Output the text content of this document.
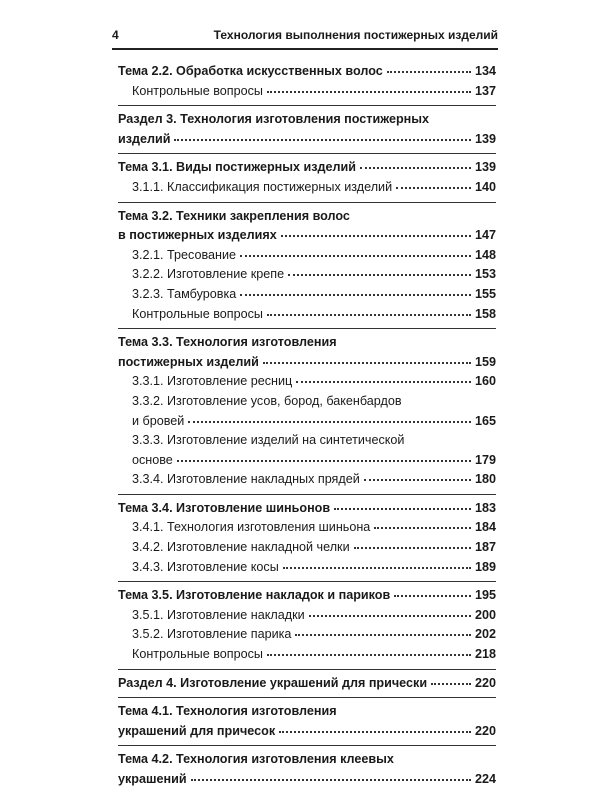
4	Технология выполнения постижерных изделий
Тема 2.2. Обработка искусственных волос	134
Контрольные вопросы	137
Раздел 3. Технология изготовления постижерных
изделий	139
Тема 3.1. Виды постижерных изделий	139
3.1.1. Классификация постижерных изделий	140
Тема 3.2. Техники закрепления волос
в постижерных изделиях	147
3.2.1. Тресование	148
3.2.2. Изготовление крепе	153
3.2.3. Тамбуровка	155
Контрольные вопросы	158
Тема 3.3. Технология изготовления
постижерных изделий	159
3.3.1. Изготовление ресниц	160
3.3.2. Изготовление усов, бород, бакенбардов
и бровей	165
3.3.3. Изготовление изделий на синтетической
основе	179
3.3.4. Изготовление накладных прядей	180
Тема 3.4. Изготовление шиньонов	183
3.4.1. Технология изготовления шиньона	184
3.4.2. Изготовление накладной челки	187
3.4.3. Изготовление косы	189
Тема 3.5. Изготовление накладок и париков	195
3.5.1. Изготовление накладки	200
3.5.2. Изготовление парика	202
Контрольные вопросы	218
Раздел 4. Изготовление украшений для прически	220
Тема 4.1. Технология изготовления
украшений для причесок	220
Тема 4.2. Технология изготовления клеевых
украшений	224
